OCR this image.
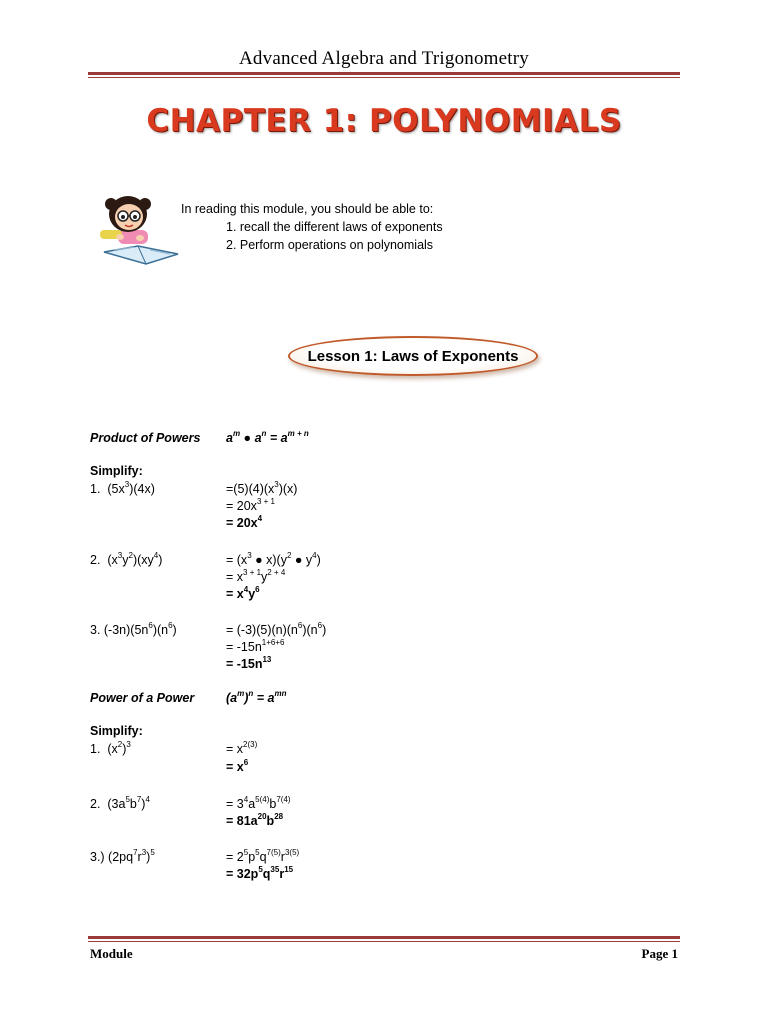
Advanced Algebra and Trigonometry
CHAPTER 1: POLYNOMIALS

In reading this module, you should be able to:

1. recall the different laws of exponents
2. Perform operations on polynomials
Lesson 1: Laws of Exponents
Product of Powers $a^m$ ● $a^n = a^{m + n}$
Simplify:
1.  $(5x^3)(4x)$	$=(5)(4)(x^3)(x)$
= $20x^{3 + 1}$
= $20x^4$
2.  $(x^3y^2)(xy^4)$	= ($x^3$ ● $x)(y^2$ ● $y^4$)
= $x^{3 + 1}y^{2 + 4}$
= $x^4y^6$
3. $(-3n)(5n^6)(n^6)$	= $(-3)(5)(n)(n^6)(n^6)$
= $-15n^{1+6+6}$
= $-15n^{13}$
Power of a Power	$(a^m)^n = a^{mn}$
Simplify:
1.  $(x^2)^3$	= $x^{2(3)}$
= $x^6$
2.  $(3a^5b^7)^4$	= $3^4a^{5(4)}b^{7(4)}$
= $81a^{20}b^{28}$
3.) $(2pq^7r^3)^5$	= $2^5p^5q^{7(5)}r^{3(5)}$
= $32p^5q^{35}r^{15}$
Module	Page 1
